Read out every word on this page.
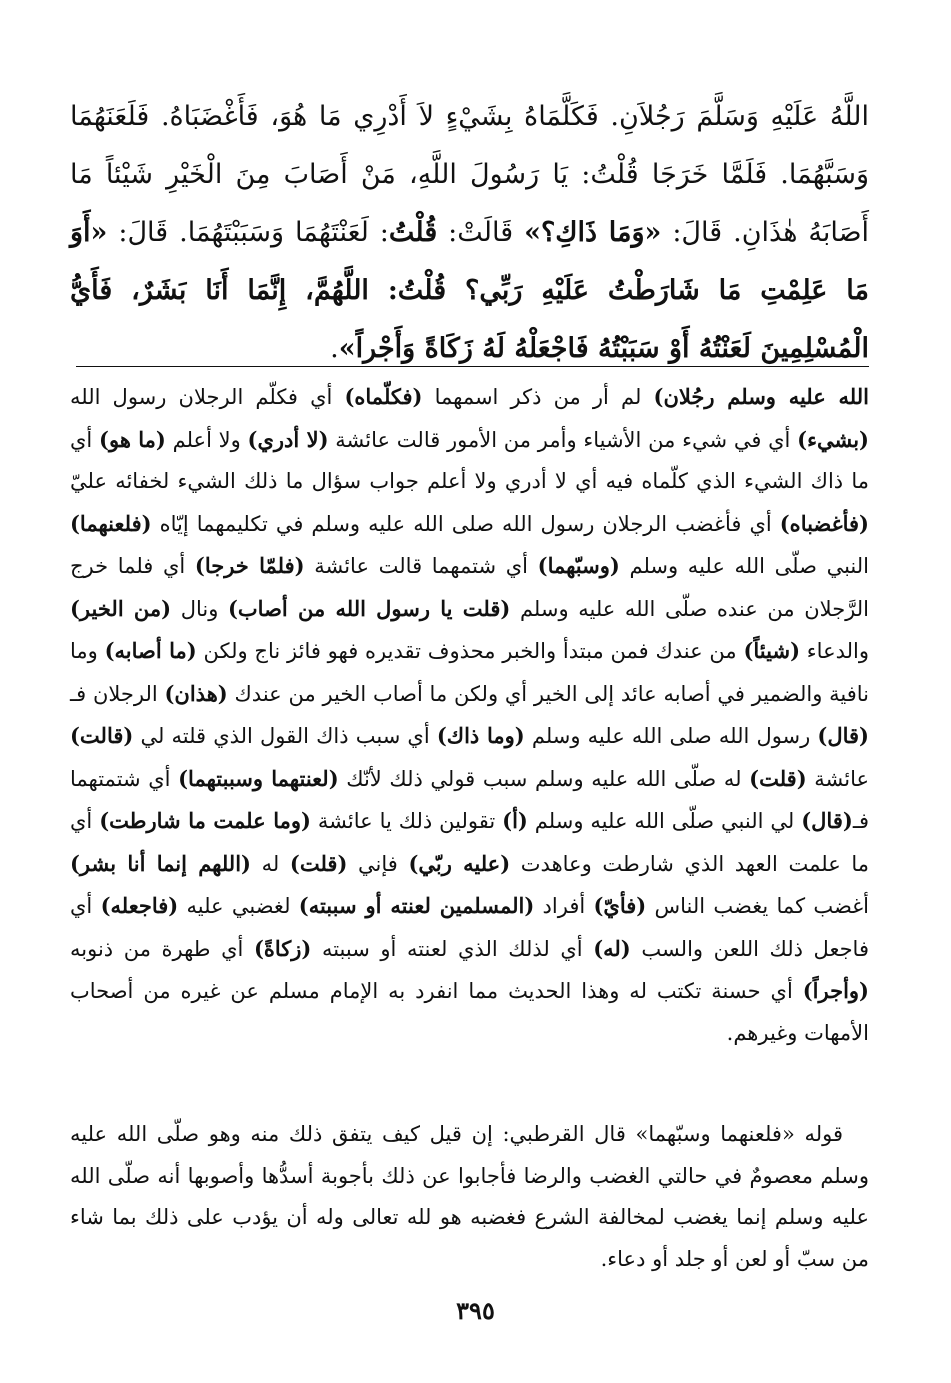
اللَّهُ عَلَيْهِ وَسَلَّمَ رَجُلاَنِ. فَكَلَّمَاهُ بِشَيْءٍ لاَ أَدْرِي مَا هُوَ، فَأَغْضَبَاهُ. فَلَعَنَهُمَا وَسَبَّهُمَا. فَلَمَّا خَرَجَا قُلْتُ: يَا رَسُولَ اللَّهِ، مَنْ أَصَابَ مِنَ الْخَيْرِ شَيْئاً مَا أَصَابَهُ هٰذَانِ. قَالَ: «وَمَا ذَاكِ؟» قَالَتْ: قُلْتُ: لَعَنْتَهُمَا وَسَبَبْتَهُمَا. قَالَ: «أَوَ مَا عَلِمْتِ مَا شَارَطْتُ عَلَيْهِ رَبِّي؟ قُلْتُ: اللَّهُمَّ، إِنَّمَا أَنَا بَشَرٌ، فَأَيُّ الْمُسْلِمِينَ لَعَنْتُهُ أَوْ سَبَبْتُهُ فَاجْعَلْهُ لَهُ زَكَاةً وَأَجْراً».

الله عليه وسلم رجُلان) لم أر من ذكر اسمهما (فكلّماه) أي فكلّم الرجلان رسول الله (بشيء) أي في شيء من الأشياء وأمر من الأمور قالت عائشة (لا أدري) ولا أعلم (ما هو) أي ما ذاك الشيء الذي كلّماه فيه أي لا أدري ولا أعلم جواب سؤال ما ذلك الشيء لخفائه عليّ (فأغضباه) أي فأغضب الرجلان رسول الله صلى الله عليه وسلم في تكليمهما إيّاه (فلعنهما) النبي صلّى الله عليه وسلم (وسبّهما) أي شتمهما قالت عائشة (فلمّا خرجا) أي فلما خرج الرَّجلان من عنده صلّى الله عليه وسلم (قلت يا رسول الله من أصاب) ونال (من الخير) والدعاء (شيئاً) من عندك فمن مبتدأ والخبر محذوف تقديره فهو فائز ناج ولكن (ما أصابه) وما نافية والضمير في أصابه عائد إلى الخير أي ولكن ما أصاب الخير من عندك (هذان) الرجلان فـ (قال) رسول الله صلى الله عليه وسلم (وما ذاك) أي سبب ذاك القول الذي قلته لي (قالت) عائشة (قلت) له صلّى الله عليه وسلم سبب قولي ذلك لأنّك (لعنتهما وسببتهما) أي شتمتهما فـ(قال) لي النبي صلّى الله عليه وسلم (أ) تقولين ذلك يا عائشة (وما علمت ما شارطت) أي ما علمت العهد الذي شارطت وعاهدت (عليه ربّي) فإني (قلت) له (اللهم إنما أنا بشر) أغضب كما يغضب الناس (فأيّ) أفراد (المسلمين لعنته أو سببته) لغضبي عليه (فاجعله) أي فاجعل ذلك اللعن والسب (له) أي لذلك الذي لعنته أو سببته (زكاةً) أي طهرة من ذنوبه (وأجراً) أي حسنة تكتب له وهذا الحديث مما انفرد به الإمام مسلم عن غيره من أصحاب الأمهات وغيرهم.

قوله «فلعنهما وسبّهما» قال القرطبي: إن قيل كيف يتفق ذلك منه وهو صلّى الله عليه وسلم معصومٌ في حالتي الغضب والرضا فأجابوا عن ذلك بأجوبة أسدُّها وأصوبها أنه صلّى الله عليه وسلم إنما يغضب لمخالفة الشرع فغضبه هو لله تعالى وله أن يؤدب على ذلك بما شاء من سبّ أو لعن أو جلد أو دعاء.

٣٩٥
